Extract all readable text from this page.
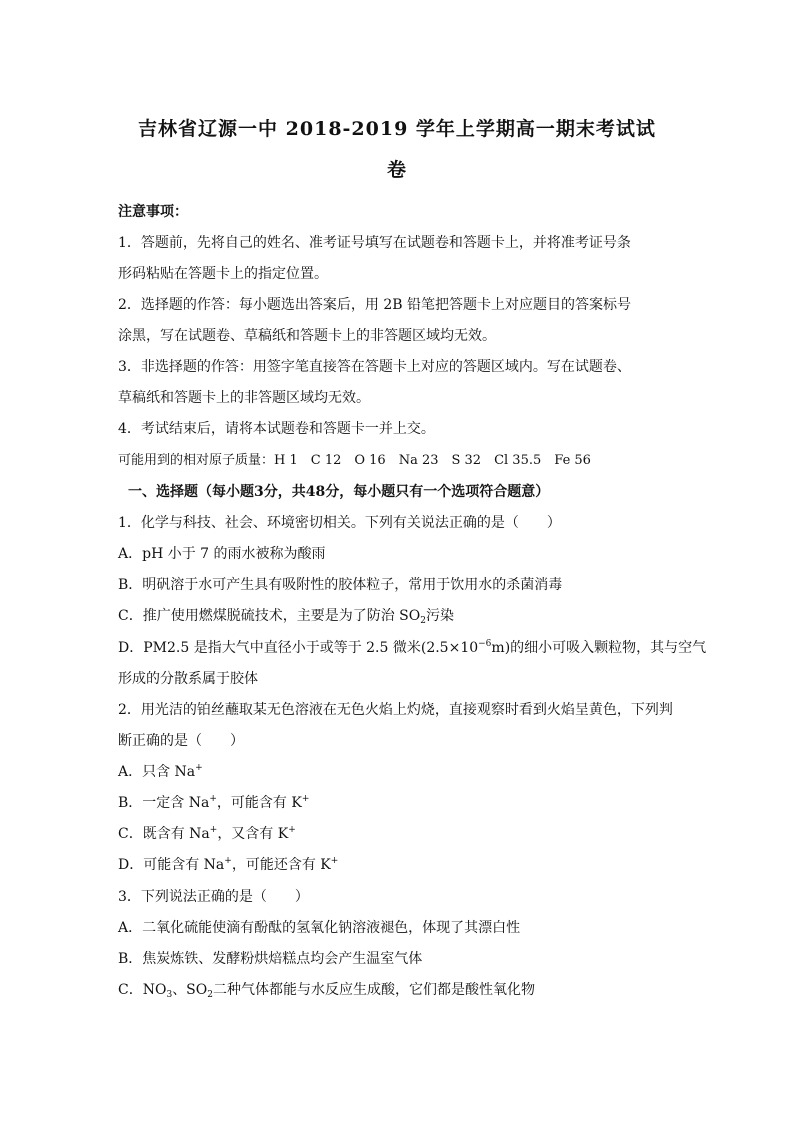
吉林省辽源一中 2018-2019 学年上学期高一期末考试试
卷
注意事项：
1．答题前，先将自己的姓名、准考证号填写在试题卷和答题卡上，并将准考证号条
形码粘贴在答题卡上的指定位置。
2．选择题的作答：每小题选出答案后，用 2B 铅笔把答题卡上对应题目的答案标号
涂黑，写在试题卷、草稿纸和答题卡上的非答题区域均无效。
3．非选择题的作答：用签字笔直接答在答题卡上对应的答题区域内。写在试题卷、
草稿纸和答题卡上的非答题区域均无效。
4．考试结束后，请将本试题卷和答题卡一并上交。
可能用到的相对原子质量：H 1　C 12　O 16　Na 23　S 32　Cl 35.5　Fe 56
一、选择题（每小题3分，共48分，每小题只有一个选项符合题意）
1．化学与科技、社会、环境密切相关。下列有关说法正确的是（　　）
A．pH 小于 7 的雨水被称为酸雨
B．明矾溶于水可产生具有吸附性的胶体粒子，常用于饮用水的杀菌消毒
C．推广使用燃煤脱硫技术，主要是为了防治 $SO_2$污染
D．PM2.5 是指大气中直径小于或等于 2.5 微米$(2.5\times 10^{-6}m)$的细小可吸入颗粒物，其与空气
形成的分散系属于胶体
2．用光洁的铂丝蘸取某无色溶液在无色火焰上灼烧，直接观察时看到火焰呈黄色，下列判
断正确的是（　　）
A．只含 Na+
B．一定含 Na+，可能含有 K+
C．既含有 Na+，又含有 K+
D．可能含有 Na+，可能还含有 K+
3．下列说法正确的是（　　）
A．二氧化硫能使滴有酚酞的氢氧化钠溶液褪色，体现了其漂白性
B．焦炭炼铁、发酵粉烘焙糕点均会产生温室气体
C．$NO_3$、$SO_2$二种气体都能与水反应生成酸，它们都是酸性氧化物
